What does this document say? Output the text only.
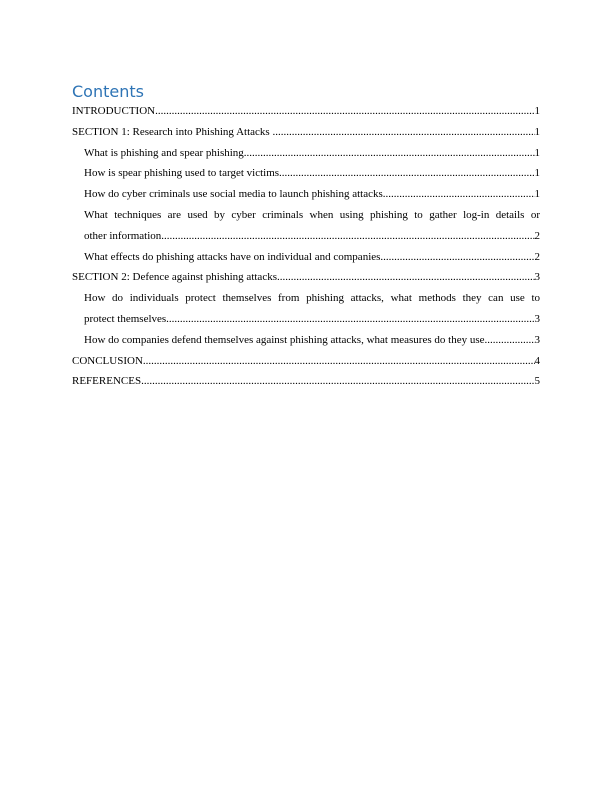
Contents
INTRODUCTION .....	1
SECTION 1: Research into Phishing Attacks .....	1
What is phishing and spear phishing .....	1
How is spear phishing used to target victims .....	1
How do cyber criminals use social media to launch phishing attacks .....	1
What techniques are used by cyber criminals when using phishing to gather log-in details or
other information .....	2
What effects do phishing attacks have on individual and companies .....	2
SECTION 2: Defence against phishing attacks .....	3
How do individuals protect themselves from phishing attacks, what methods they can use to
protect themselves .....	3
How do companies defend themselves against phishing attacks, what measures do they use. .....	3
CONCLUSION .....	4
REFERENCES .....	5
